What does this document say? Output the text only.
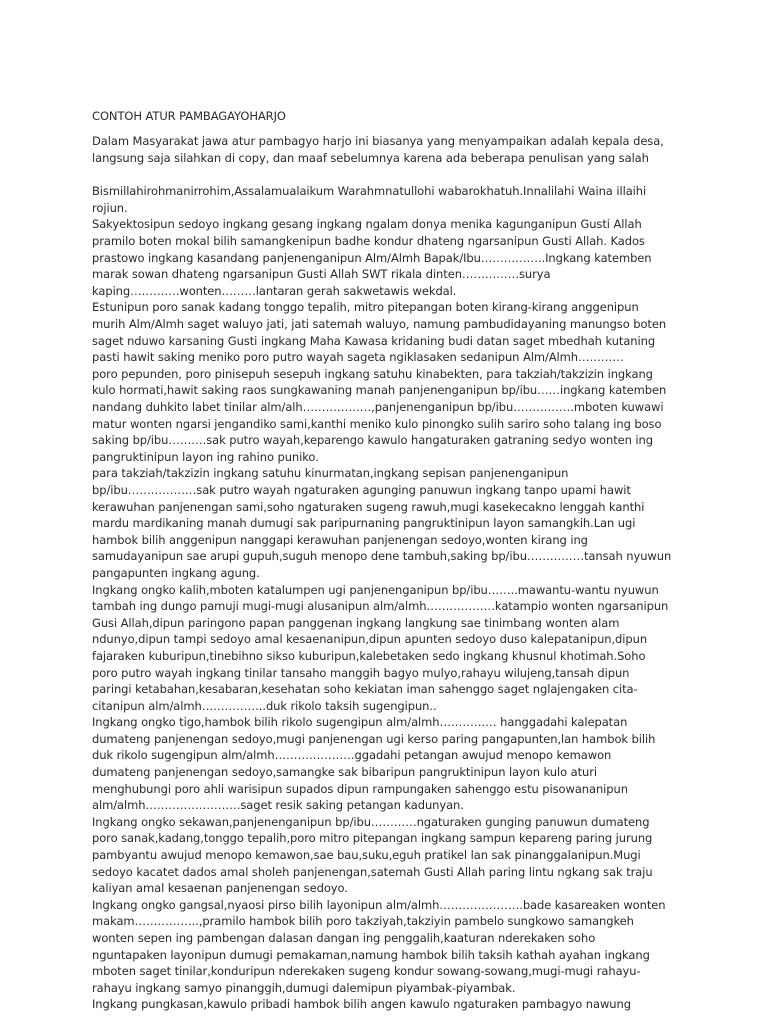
CONTOH ATUR PAMBAGAYOHARJO

Dalam Masyarakat jawa atur pambagyo harjo ini biasanya yang menyampaikan adalah kepala desa, langsung saja silahkan di copy, dan maaf sebelumnya karena ada beberapa penulisan yang salah

Bismillahirohmanirrohim,Assalamualaikum Warahmnatullohi wabarokhatuh.Innalilahi Waina illaihi rojiun.

Sakyektosipun sedoyo ingkang gesang ingkang ngalam donya menika kagunganipun Gusti Allah pramilo boten mokal bilih samangkenipun badhe kondur dhateng ngarsanipun Gusti Allah. Kados prastowo ingkang kasandang panjenenganipun Alm/Almh Bapak/Ibu……………..Ingkang katemben marak sowan dhateng ngarsanipun Gusti Allah SWT rikala dinten……………surya kaping………….wonten………lantaran gerah sakwetawis wekdal.

Estunipun poro sanak kadang tonggo tepalih, mitro pitepangan boten kirang-kirang anggenipun murih Alm/Almh saget waluyo jati, jati satemah waluyo, namung pambudidayaning manungso boten saget nduwo karsaning Gusti ingkang Maha Kawasa kridaning budi datan saget mbedhah kutaning pasti hawit saking meniko poro putro wayah sageta ngiklasaken sedanipun Alm/Almh…………

poro pepunden, poro pinisepuh sesepuh ingkang satuhu kinabekten, para takziah/takzizin ingkang kulo hormati,hawit saking raos sungkawaning manah panjenenganipun bp/ibu……ingkang katemben nandang duhkito labet tinilar alm/alh………………,panjenenganipun bp/ibu…………….mboten kuwawi matur wonten ngarsi jengandiko sami,kanthi meniko kulo pinongko sulih sariro soho talang ing boso saking bp/ibu……….sak putro wayah,keparengo kawulo hangaturaken gatraning sedyo wonten ing pangruktinipun layon ing rahino puniko.

para takziah/takzizin ingkang satuhu kinurmatan,ingkang sepisan panjenenganipun bp/ibu………………sak putro wayah ngaturaken agunging panuwun ingkang tanpo upami hawit kerawuhan panjenengan sami,soho ngaturaken sugeng rawuh,mugi kasekecakno lenggah kanthi mardu mardikaning manah dumugi sak paripurnaning pangruktinipun layon samangkih.Lan ugi hambok bilih anggenipun nanggapi kerawuhan panjenengan sedoyo,wonten kirang ing samudayanipun sae arupi gupuh,suguh menopo dene tambuh,saking bp/ibu……………tansah nyuwun pangapunten ingkang agung.

Ingkang ongko kalih,mboten katalumpen ugi panjenenganipun bp/ibu……..mawantu-wantu nyuwun tambah ing dungo pamuji mugi-mugi alusanipun alm/almh………………katampio wonten ngarsanipun Gusi Allah,dipun paringono papan panggenan ingkang langkung sae tinimbang wonten alam ndunyo,dipun tampi sedoyo amal kesaenanipun,dipun apunten sedoyo duso kalepatanipun,dipun fajaraken kuburipun,tinebihno sikso kuburipun,kalebetaken sedo ingkang khusnul khotimah.Soho poro putro wayah ingkang tinilar tansaho manggih bagyo mulyo,rahayu wilujeng,tansah dipun paringi ketabahan,kesabaran,kesehatan soho kekiatan iman sahenggo saget nglajengaken cita-citanipun alm/almh……………..duk rikolo taksih sugengipun..

Ingkang ongko tigo,hambok bilih rikolo sugengipun alm/almh…………… hanggadahi kalepatan dumateng panjenengan sedoyo,mugi panjenengan ugi kerso paring pangapunten,lan hambok bilih duk rikolo sugengipun alm/almh…………………ggadahi petangan awujud menopo kemawon dumateng panjenengan sedoyo,samangke sak bibaripun pangruktinipun layon kulo aturi menghubungi poro ahli warisipun supados dipun rampungaken sahenggo estu pisowananipun alm/almh…………………….saget resik saking petangan kadunyan.

Ingkang ongko sekawan,panjenenganipun bp/ibu…………ngaturaken gunging panuwun dumateng poro sanak,kadang,tonggo tepalih,poro mitro pitepangan ingkang sampun kepareng paring jurung pambyantu awujud menopo kemawon,sae bau,suku,eguh pratikel lan sak pinanggalanipun.Mugi sedoyo kacatet dados amal sholeh panjenengan,satemah Gusti Allah paring lintu ngkang sak traju kaliyan amal kesaenan panjenengan sedoyo.

Ingkang ongko gangsal,nyaosi pirso bilih layonipun alm/almh………………….bade kasareaken wonten makam……………..,pramilo hambok bilih poro takziyah,takziyin pambelo sungkowo samangkeh wonten sepen ing pambengan dalasan dangan ing penggalih,kaaturan nderekaken soho nguntapaken layonipun dumugi pemakaman,namung hambok bilih taksih kathah ayahan ingkang mboten saget tinilar,konduripun nderekaken sugeng kondur sowang-sowang,mugi-mugi rahayu-rahayu ingkang samyo pinanggih,dumugi dalemipun piyambak-piyambak.

Ingkang pungkasan,kawulo pribadi hambok bilih angen kawulo ngaturaken pambagyo nawung
